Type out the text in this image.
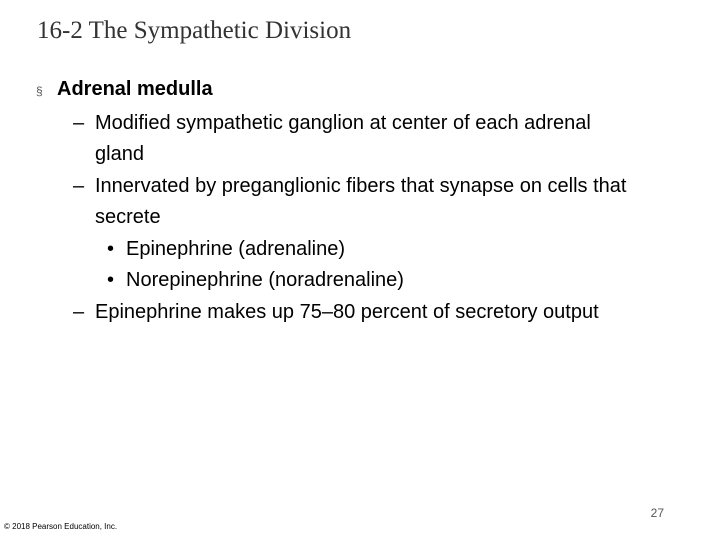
16-2 The Sympathetic Division
§ Adrenal medulla
– Modified sympathetic ganglion at center of each adrenal gland
– Innervated by preganglionic fibers that synapse on cells that secrete
• Epinephrine (adrenaline)
• Norepinephrine (noradrenaline)
– Epinephrine makes up 75–80 percent of secretory output
27
© 2018 Pearson Education, Inc.
